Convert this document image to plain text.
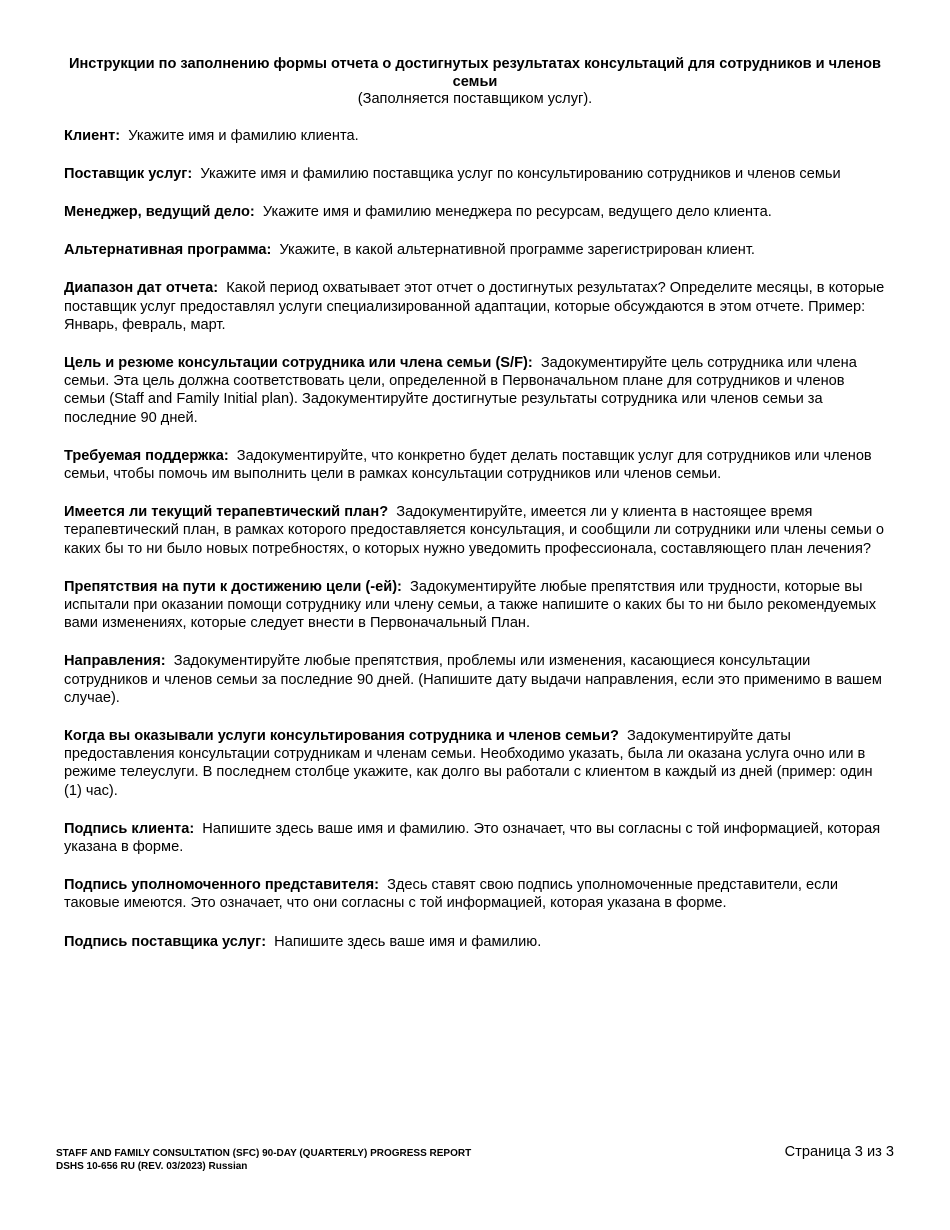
Инструкции по заполнению формы отчета о достигнутых результатах консультаций для сотрудников и членов семьи
(Заполняется поставщиком услуг).

Клиент: Укажите имя и фамилию клиента.

Поставщик услуг: Укажите имя и фамилию поставщика услуг по консультированию сотрудников и членов семьи

Менеджер, ведущий дело: Укажите имя и фамилию менеджера по ресурсам, ведущего дело клиента.

Альтернативная программа: Укажите, в какой альтернативной программе зарегистрирован клиент.

Диапазон дат отчета: Какой период охватывает этот отчет о достигнутых результатах? Определите месяцы, в которые поставщик услуг предоставлял услуги специализированной адаптации, которые обсуждаются в этом отчете. Пример: Январь, февраль, март.

Цель и резюме консультации сотрудника или члена семьи (S/F): Задокументируйте цель сотрудника или члена семьи. Эта цель должна соответствовать цели, определенной в Первоначальном плане для сотрудников и членов семьи (Staff and Family Initial plan). Задокументируйте достигнутые результаты сотрудника или членов семьи за последние 90 дней.

Требуемая поддержка: Задокументируйте, что конкретно будет делать поставщик услуг для сотрудников или членов семьи, чтобы помочь им выполнить цели в рамках консультации сотрудников или членов семьи.

Имеется ли текущий терапевтический план? Задокументируйте, имеется ли у клиента в настоящее время терапевтический план, в рамках которого предоставляется консультация, и сообщили ли сотрудники или члены семьи о каких бы то ни было новых потребностях, о которых нужно уведомить профессионала, составляющего план лечения?

Препятствия на пути к достижению цели (-ей): Задокументируйте любые препятствия или трудности, которые вы испытали при оказании помощи сотруднику или члену семьи, а также напишите о каких бы то ни было рекомендуемых вами изменениях, которые следует внести в Первоначальный План.

Направления: Задокументируйте любые препятствия, проблемы или изменения, касающиеся консультации сотрудников и членов семьи за последние 90 дней. (Напишите дату выдачи направления, если это применимо в вашем случае).

Когда вы оказывали услуги консультирования сотрудника и членов семьи? Задокументируйте даты предоставления консультации сотрудникам и членам семьи. Необходимо указать, была ли оказана услуга очно или в режиме телеуслуги. В последнем столбце укажите, как долго вы работали с клиентом в каждый из дней (пример: один (1) час).

Подпись клиента: Напишите здесь ваше имя и фамилию. Это означает, что вы согласны с той информацией, которая указана в форме.

Подпись уполномоченного представителя: Здесь ставят свою подпись уполномоченные представители, если таковые имеются. Это означает, что они согласны с той информацией, которая указана в форме.

Подпись поставщика услуг: Напишите здесь ваше имя и фамилию.

STAFF AND FAMILY CONSULTATION (SFC) 90-DAY (QUARTERLY) PROGRESS REPORT
DSHS 10-656 RU (REV. 03/2023) Russian
Страница 3 из 3
